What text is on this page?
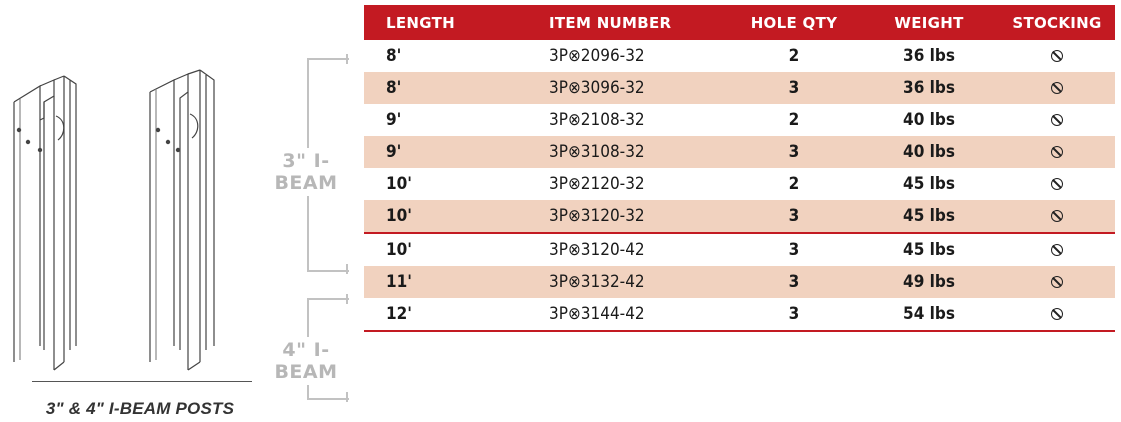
3" & 4" I-BEAM POSTS
3" I-BEAM
4" I-BEAM
LENGTH	ITEM NUMBER	HOLE QTY	WEIGHT	STOCKING
8'	3P⊗2096-32	2	36 lbs	
8'	3P⊗3096-32	3	36 lbs	
9'	3P⊗2108-32	2	40 lbs	
9'	3P⊗3108-32	3	40 lbs	
10'	3P⊗2120-32	2	45 lbs	
10'	3P⊗3120-32	3	45 lbs	
10'	3P⊗3120-42	3	45 lbs	
11'	3P⊗3132-42	3	49 lbs	
12'	3P⊗3144-42	3	54 lbs	
